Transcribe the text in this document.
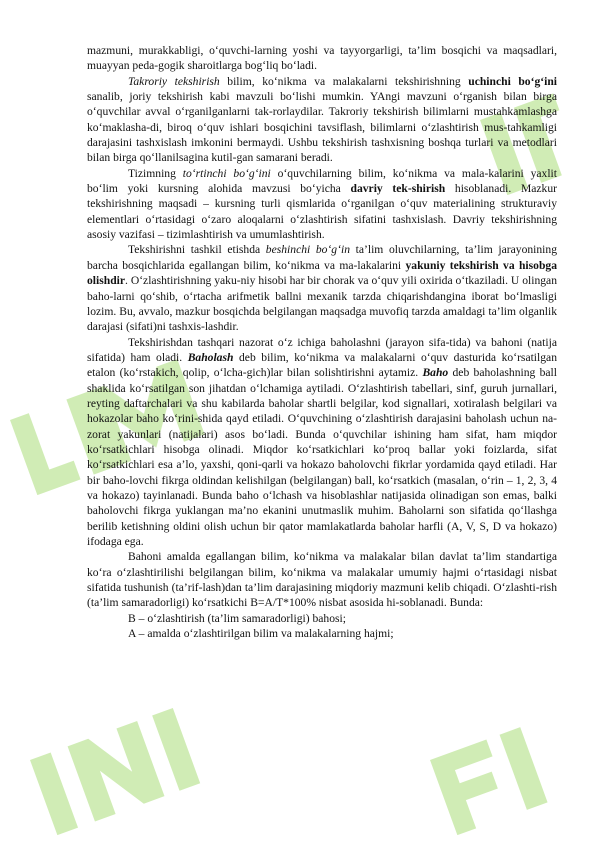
mazmuni, murakkabligi, o‘quvchi-larning yoshi va tayyorgarligi, ta’lim bosqichi va maqsadlari, muayyan peda-gogik sharoitlarga bog‘liq bo‘ladi.

Takroriy tekshirish bilim, ko‘nikma va malakalarni tekshirishning uchinchi bo‘g‘ini sanalib, joriy tekshirish kabi mavzuli bo‘lishi mumkin. YAngi mavzuni o‘rganish bilan birga o‘quvchilar avval o‘rganilganlarni tak-rorlaydilar. Takroriy tekshirish bilimlarni mustahkamlashga ko‘maklasha-di, biroq o‘quv ishlari bosqichini tavsiflash, bilimlarni o‘zlashtirish mus-tahkamligi darajasini tashxislash imkonini bermaydi. Ushbu tekshirish tashxisning boshqa turlari va metodlari bilan birga qo‘llanilsagina kutil-gan samarani beradi.

Tizimning to‘rtinchi bo‘g‘ini o‘quvchilarning bilim, ko‘nikma va mala-kalarini yaxlit bo‘lim yoki kursning alohida mavzusi bo‘yicha davriy tek-shirish hisoblanadi. Mazkur tekshirishning maqsadi – kursning turli qismlarida o‘rganilgan o‘quv materialining strukturaviy elementlari o‘rtasidagi o‘zaro aloqalarni o‘zlashtirish sifatini tashxislash. Davriy tekshirishning asosiy vazifasi – tizimlashtirish va umumlashtirish.

Tekshirishni tashkil etishda beshinchi bo‘g‘in ta’lim oluvchilarning, ta’lim jarayonining barcha bosqichlarida egallangan bilim, ko‘nikma va ma-lakalarini yakuniy tekshirish va hisobga olishdir. O‘zlashtirishning yaku-niy hisobi har bir chorak va o‘quv yili oxirida o‘tkaziladi. U olingan baho-larni qo‘shib, o‘rtacha arifmetik ballni mexanik tarzda chiqarishdangina iborat bo‘lmasligi lozim. Bu, avvalo, mazkur bosqichda belgilangan maqsadga muvofiq tarzda amaldagi ta’lim olganlik darajasi (sifati)ni tashxis-lashdir.

Tekshirishdan tashqari nazorat o‘z ichiga baholashni (jarayon sifa-tida) va bahoni (natija sifatida) ham oladi. Baholash deb bilim, ko‘nikma va malakalarni o‘quv dasturida ko‘rsatilgan etalon (ko‘rstakich, qolip, o‘lcha-gich)lar bilan solishtirishni aytamiz. Baho deb baholashning ball shaklida ko‘rsatilgan son jihatdan o‘lchamiga aytiladi. O‘zlashtirish tabellari, sinf, guruh jurnallari, reyting daftarchalari va shu kabilarda baholar shartli belgilar, kod signallari, xotiralash belgilari va hokazolar baho ko‘rini-shida qayd etiladi. O‘quvchining o‘zlashtirish darajasini baholash uchun na-zorat yakunlari (natijalari) asos bo‘ladi. Bunda o‘quvchilar ishining ham sifat, ham miqdor ko‘rsatkichlari hisobga olinadi. Miqdor ko‘rsatkichlari ko‘proq ballar yoki foizlarda, sifat ko‘rsatkichlari esa a’lo, yaxshi, qoni-qarli va hokazo baholovchi fikrlar yordamida qayd etiladi. Har bir baho-lovchi fikrga oldindan kelishilgan (belgilangan) ball, ko‘rsatkich (masalan, o‘rin – 1, 2, 3, 4 va hokazo) tayinlanadi. Bunda baho o‘lchash va hisoblashlar natijasida olinadigan son emas, balki baholovchi fikrga yuklangan ma’no ekanini unutmaslik muhim. Baholarni son sifatida qo‘llashga berilib ketishning oldini olish uchun bir qator mamlakatlarda baholar harfli (A, V, S, D va hokazo) ifodaga ega.

Bahoni amalda egallangan bilim, ko‘nikma va malakalar bilan davlat ta’lim standartiga ko‘ra o‘zlashtirilishi belgilangan bilim, ko‘nikma va malakalar umumiy hajmi o‘rtasidagi nisbat sifatida tushunish (ta’rif-lash)dan ta’lim darajasining miqdoriy mazmuni kelib chiqadi. O‘zlashti-rish (ta’lim samaradorligi) ko‘rsatkichi B=A/T*100% nisbat asosida hi-soblanadi. Bunda:

B – o‘zlashtirish (ta’lim samaradorligi) bahosi;

A – amalda o‘zlashtirilgan bilim va malakalarning hajmi;
